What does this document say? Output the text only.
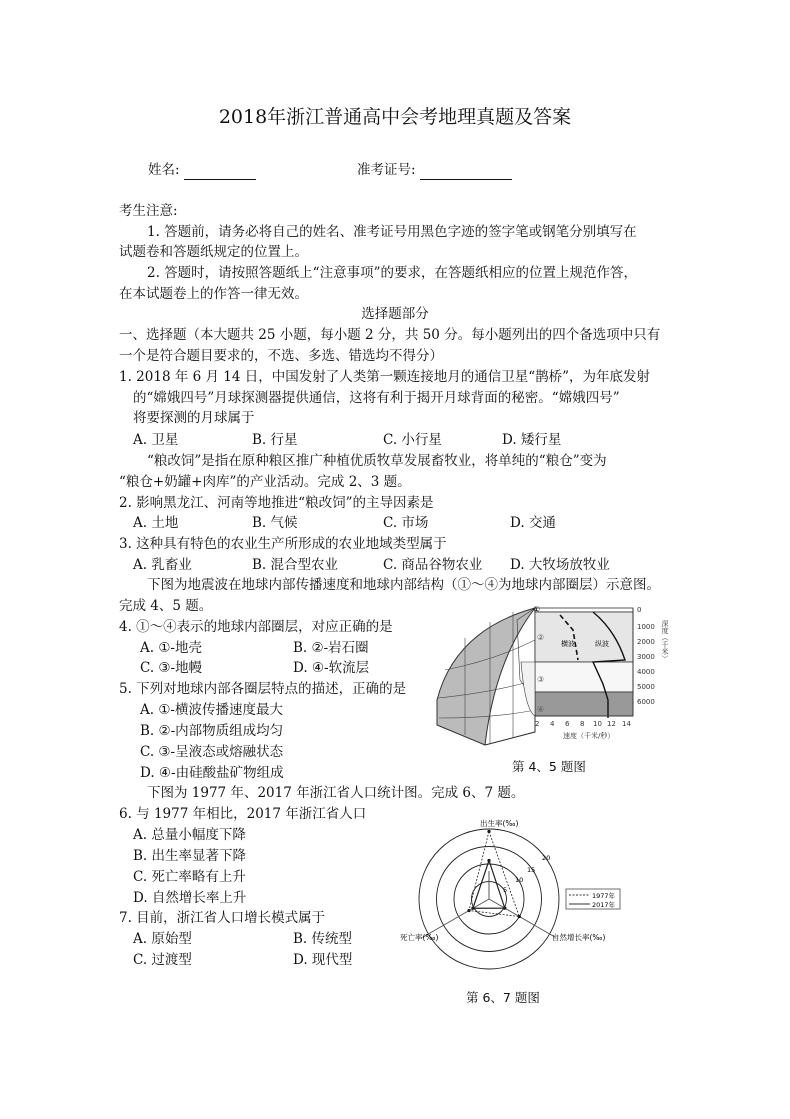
2018年浙江普通高中会考地理真题及答案
姓名:	准考证号:
考生注意:
1. 答题前，请务必将自己的姓名、准考证号用黑色字迹的签字笔或钢笔分别填写在
试题卷和答题纸规定的位置上。
2. 答题时，请按照答题纸上“注意事项”的要求，在答题纸相应的位置上规范作答，
在本试题卷上的作答一律无效。
选择题部分
一、选择题（本大题共 25 小题，每小题 2 分，共 50 分。每小题列出的四个备选项中只有
一个是符合题目要求的，不选、多选、错选均不得分）
1. 2018 年 6 月 14 日，中国发射了人类第一颗连接地月的通信卫星“鹊桥”，为年底发射
的“嫦娥四号”月球探测器提供通信，这将有利于揭开月球背面的秘密。“嫦娥四号”
将要探测的月球属于
A. 卫星	B. 行星	C. 小行星	D. 矮行星
“粮改饲”是指在原种粮区推广种植优质牧草发展畜牧业，将单纯的“粮仓”变为
“粮仓+奶罐+肉库”的产业活动。完成 2、3 题。
2. 影响黑龙江、河南等地推进“粮改饲”的主导因素是
A. 土地	B. 气候	C. 市场	D. 交通
3. 这种具有特色的农业生产所形成的农业地域类型属于
A. 乳畜业	B. 混合型农业	C. 商品谷物农业 D. 大牧场放牧业
下图为地震波在地球内部传播速度和地球内部结构（①～④为地球内部圈层）示意图。
完成 4、5 题。
4. ①～④表示的地球内部圈层，对应正确的是
A. ①-地壳	B. ②-岩石圈
C. ③-地幔	D. ④-软流层
5. 下列对地球内部各圈层特点的描述，正确的是
A. ①-横波传播速度最大
B. ②-内部物质组成均匀
C. ③-呈液态或熔融状态
D. ④-由硅酸盐矿物组成
①
②
③
④
横波	纵波
0
1000
2000
3000
4000
5000
6000
2 4 6 8 10 12 14
速度（千米/秒）
深度（千米）
第 4、5 题图
下图为 1977 年、2017 年浙江省人口统计图。完成 6、7 题。
6. 与 1977 年相比，2017 年浙江省人口
A. 总量小幅度下降
B. 出生率显著下降
C. 死亡率略有上升
D. 自然增长率上升
7. 目前，浙江省人口增长模式属于
A. 原始型	B. 传统型
C. 过渡型	D. 现代型
出生率(‰)
死亡率(‰)	自然增长率(‰)
5
10
15
20
1977年
2017年
第 6、7 题图
